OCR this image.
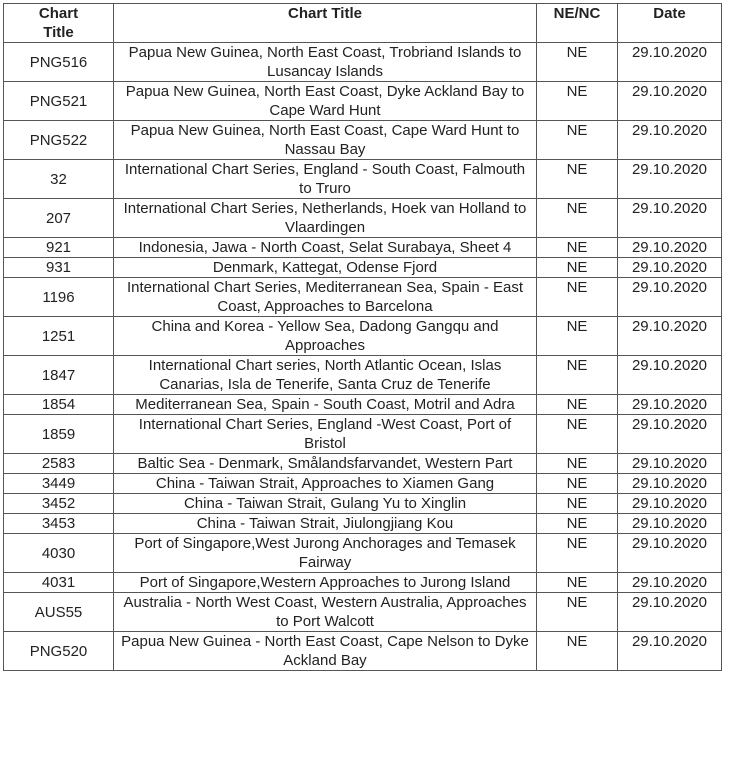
Chart
Title	Chart Title	NE/NC	Date
PNG516	Papua New Guinea, North East Coast, Trobriand Islands to Lusancay Islands	NE	29.10.2020
PNG521	Papua New Guinea, North East Coast, Dyke Ackland Bay to Cape Ward Hunt	NE	29.10.2020
PNG522	Papua New Guinea, North East Coast, Cape Ward Hunt to Nassau Bay	NE	29.10.2020
32	International Chart Series, England - South Coast, Falmouth to Truro	NE	29.10.2020
207	International Chart Series, Netherlands, Hoek van Holland to Vlaardingen	NE	29.10.2020
921	Indonesia, Jawa - North Coast, Selat Surabaya, Sheet 4	NE	29.10.2020
931	Denmark, Kattegat, Odense Fjord	NE	29.10.2020
1196	International Chart Series, Mediterranean Sea, Spain - East Coast, Approaches to Barcelona	NE	29.10.2020
1251	China and Korea - Yellow Sea, Dadong Gangqu and Approaches	NE	29.10.2020
1847	International Chart series, North Atlantic Ocean, Islas Canarias, Isla de Tenerife, Santa Cruz de Tenerife	NE	29.10.2020
1854	Mediterranean Sea, Spain - South Coast, Motril and Adra	NE	29.10.2020
1859	International Chart Series, England -West Coast, Port of Bristol	NE	29.10.2020
2583	Baltic Sea - Denmark, Smålandsfarvandet, Western Part	NE	29.10.2020
3449	China - Taiwan Strait, Approaches to Xiamen Gang	NE	29.10.2020
3452	China - Taiwan Strait, Gulang Yu to Xinglin	NE	29.10.2020
3453	China - Taiwan Strait, Jiulongjiang Kou	NE	29.10.2020
4030	Port of Singapore,West Jurong Anchorages and Temasek Fairway	NE	29.10.2020
4031	Port of Singapore,Western Approaches to Jurong Island	NE	29.10.2020
AUS55	Australia - North West Coast, Western Australia, Approaches to Port Walcott	NE	29.10.2020
PNG520	Papua New Guinea - North East Coast, Cape Nelson to Dyke Ackland Bay	NE	29.10.2020
